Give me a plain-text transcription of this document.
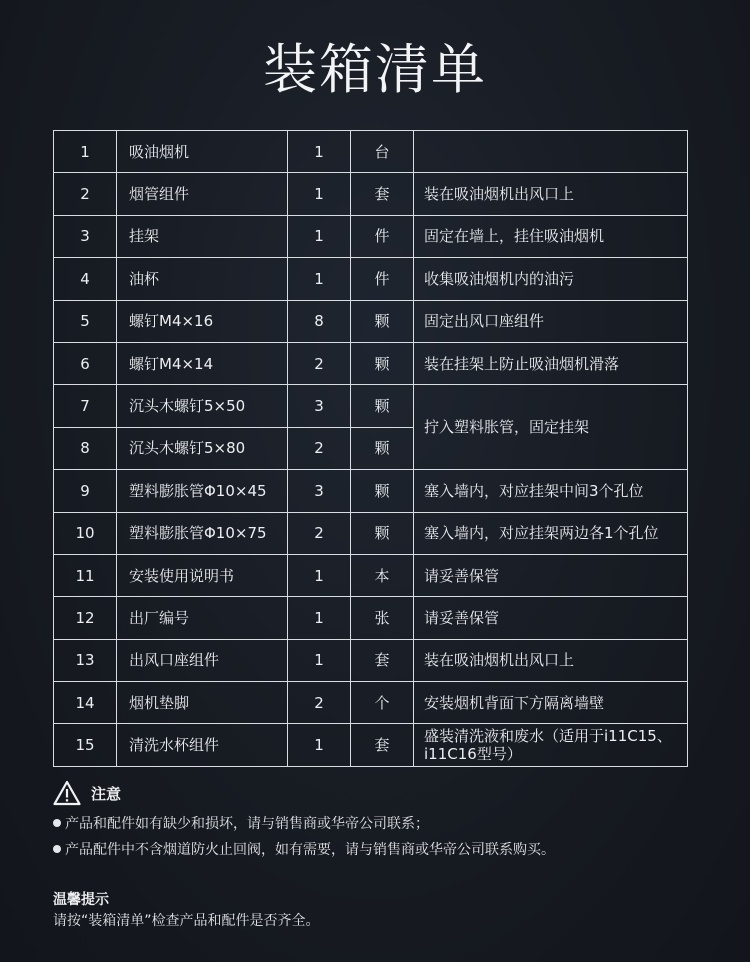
装箱清单
1	吸油烟机	1	台	
2	烟管组件	1	套	装在吸油烟机出风口上
3	挂架	1	件	固定在墙上，挂住吸油烟机
4	油杯	1	件	收集吸油烟机内的油污
5	螺钉M4×16	8	颗	固定出风口座组件
6	螺钉M4×14	2	颗	装在挂架上防止吸油烟机滑落
7	沉头木螺钉5×50	3	颗	拧入塑料胀管，固定挂架
8	沉头木螺钉5×80	2	颗	
9	塑料膨胀管Φ10×45	3	颗	塞入墙内，对应挂架中间3个孔位
10	塑料膨胀管Φ10×75	2	颗	塞入墙内，对应挂架两边各1个孔位
11	安装使用说明书	1	本	请妥善保管
12	出厂编号	1	张	请妥善保管
13	出风口座组件	1	套	装在吸油烟机出风口上
14	烟机垫脚	2	个	安装烟机背面下方隔离墙壁
15	清洗水杯组件	1	套	盛装清洗液和废水（适用于i11C15、i11C16型号）
注意
产品和配件如有缺少和损坏，请与销售商或华帝公司联系；
产品配件中不含烟道防火止回阀，如有需要，请与销售商或华帝公司联系购买。
温馨提示
请按“装箱清单”检查产品和配件是否齐全。
